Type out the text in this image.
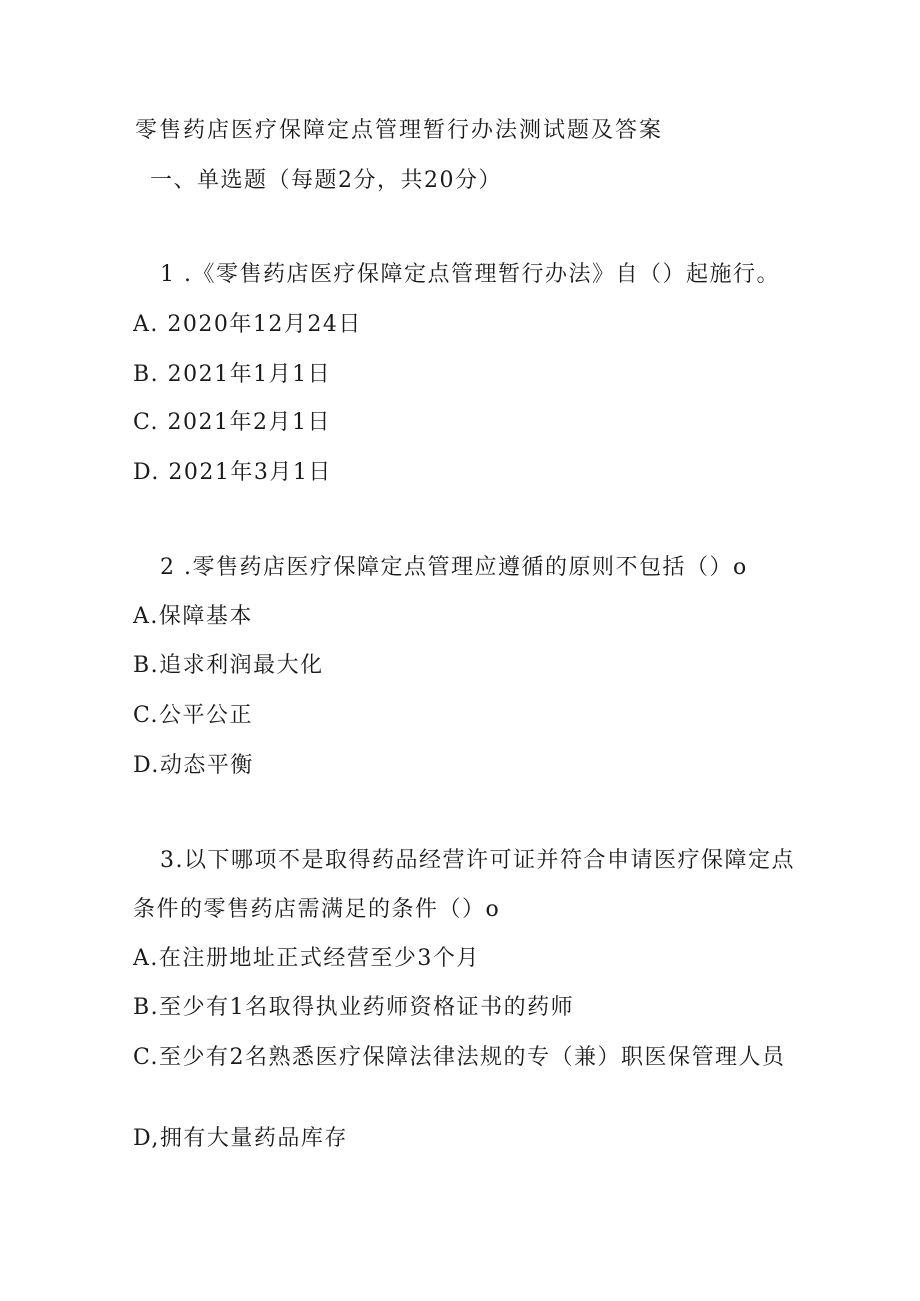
零售药店医疗保障定点管理暂行办法测试题及答案
一、单选题（每题2分，共20分）
1 .《零售药店医疗保障定点管理暂行办法》自（）起施行。
A. 2020年12月24日
B. 2021年1月1日
C. 2021年2月1日
D. 2021年3月1日
2 .零售药店医疗保障定点管理应遵循的原则不包括（）o
A.保障基本
B.追求利润最大化
C.公平公正
D.动态平衡
3.以下哪项不是取得药品经营许可证并符合申请医疗保障定点
条件的零售药店需满足的条件（）o
A.在注册地址正式经营至少3个月
B.至少有1名取得执业药师资格证书的药师
C.至少有2名熟悉医疗保障法律法规的专（兼）职医保管理人员
D,拥有大量药品库存
